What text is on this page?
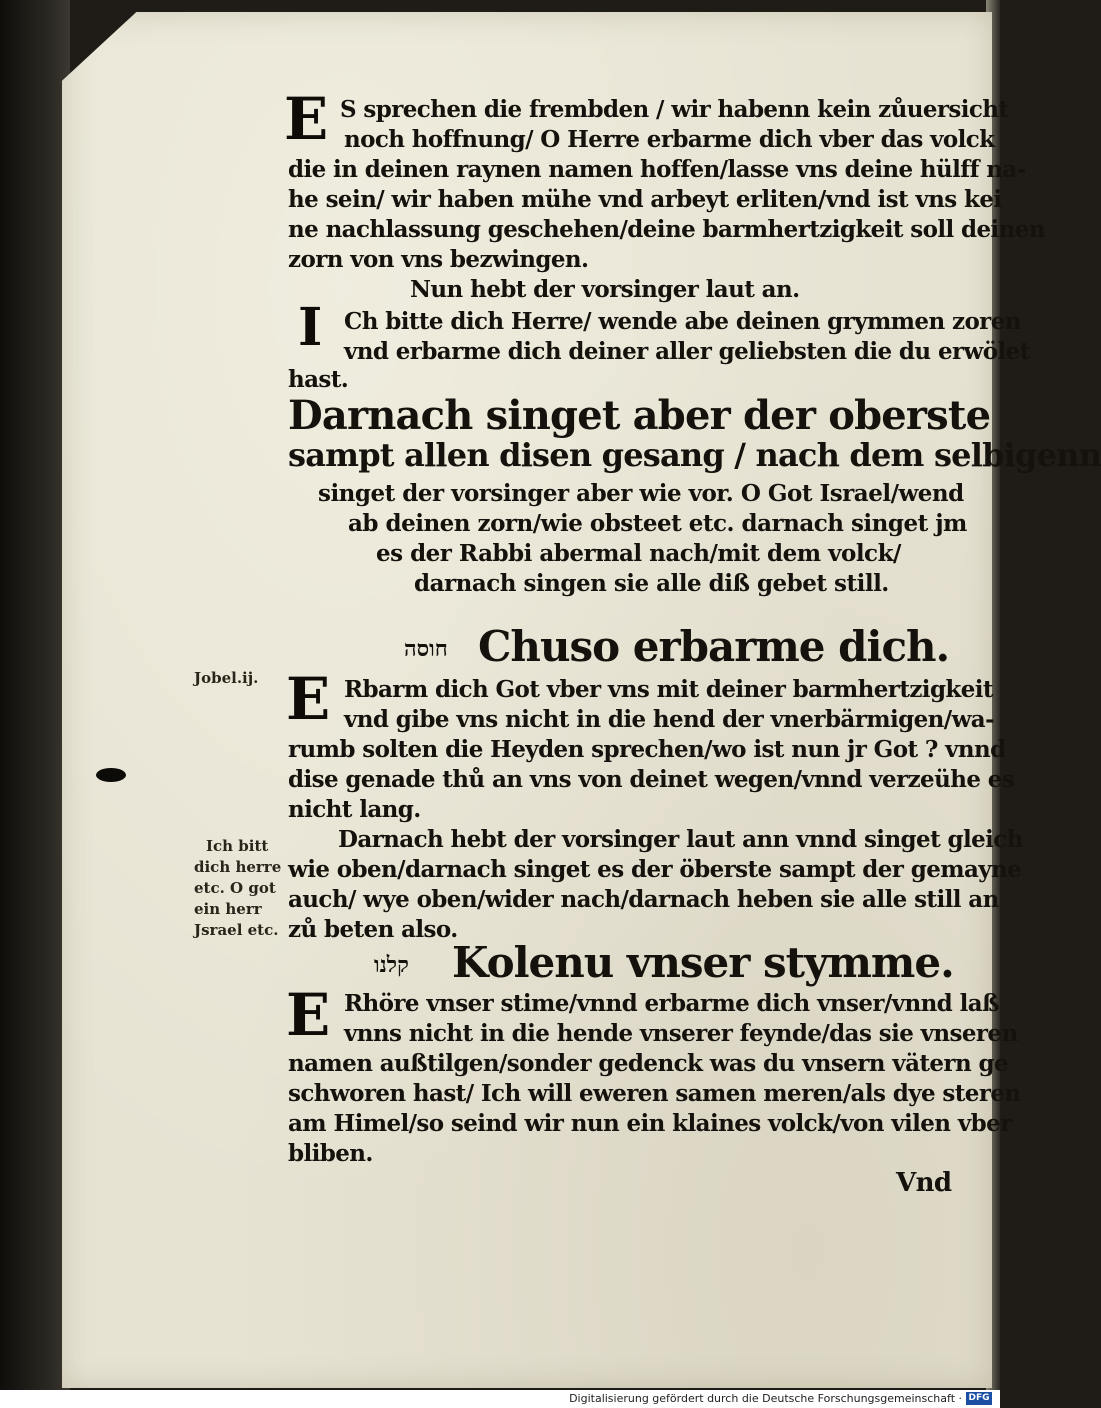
E S sprechen die frembden / wir habenn kein zůuersicht
noch hoffnung/ O Herre erbarme dich vber das volck
die in deinen raynen namen hoffen/lasse vns deine hülff na-
he sein/ wir haben mühe vnd arbeyt erliten/vnd ist vns kei
ne nachlassung geschehen/deine barmhertzigkeit soll deinen
zorn von vns bezwingen.
Nun hebt der vorsinger laut an.
I Ch bitte dich Herre/ wende abe deinen grymmen zoren
vnd erbarme dich deiner aller geliebsten die du erwölet
hast.
Darnach singet aber der oberste
sampt allen disen gesang / nach dem selbigenn
singet der vorsinger aber wie vor. O Got Israel/wend
ab deinen zorn/wie obsteet etc. darnach singet jm
es der Rabbi abermal nach/mit dem volck/
darnach singen sie alle diß gebet still.
חוסה Chuso erbarme dich.
Jobel.ij. E Rbarm dich Got vber vns mit deiner barmhertzigkeit
vnd gibe vns nicht in die hend der vnerbärmigen/wa-
rumb solten die Heyden sprechen/wo ist nun jr Got ? vnnd
dise genade thů an vns von deinet wegen/vnnd verzeühe es
nicht lang.
Darnach hebt der vorsinger laut ann vnnd singet gleich
wie oben/darnach singet es der öberste sampt der gemayne
auch/ wye oben/wider nach/darnach heben sie alle still an
zů beten also.
Ich bitt
dich herre
etc. O got
ein herr
Jsrael etc.
קלנו Kolenu vnser stymme.
E Rhöre vnser stime/vnnd erbarme dich vnser/vnnd laß
vnns nicht in die hende vnserer feynde/das sie vnseren
namen außtilgen/sonder gedenck was du vnsern vätern ge
schworen hast/ Ich will eweren samen meren/als dye steren
am Himel/so seind wir nun ein klaines volck/von vilen vber
bliben.
Vnd
Digitalisierung gefördert durch die Deutsche Forschungsgemeinschaft · DFG
